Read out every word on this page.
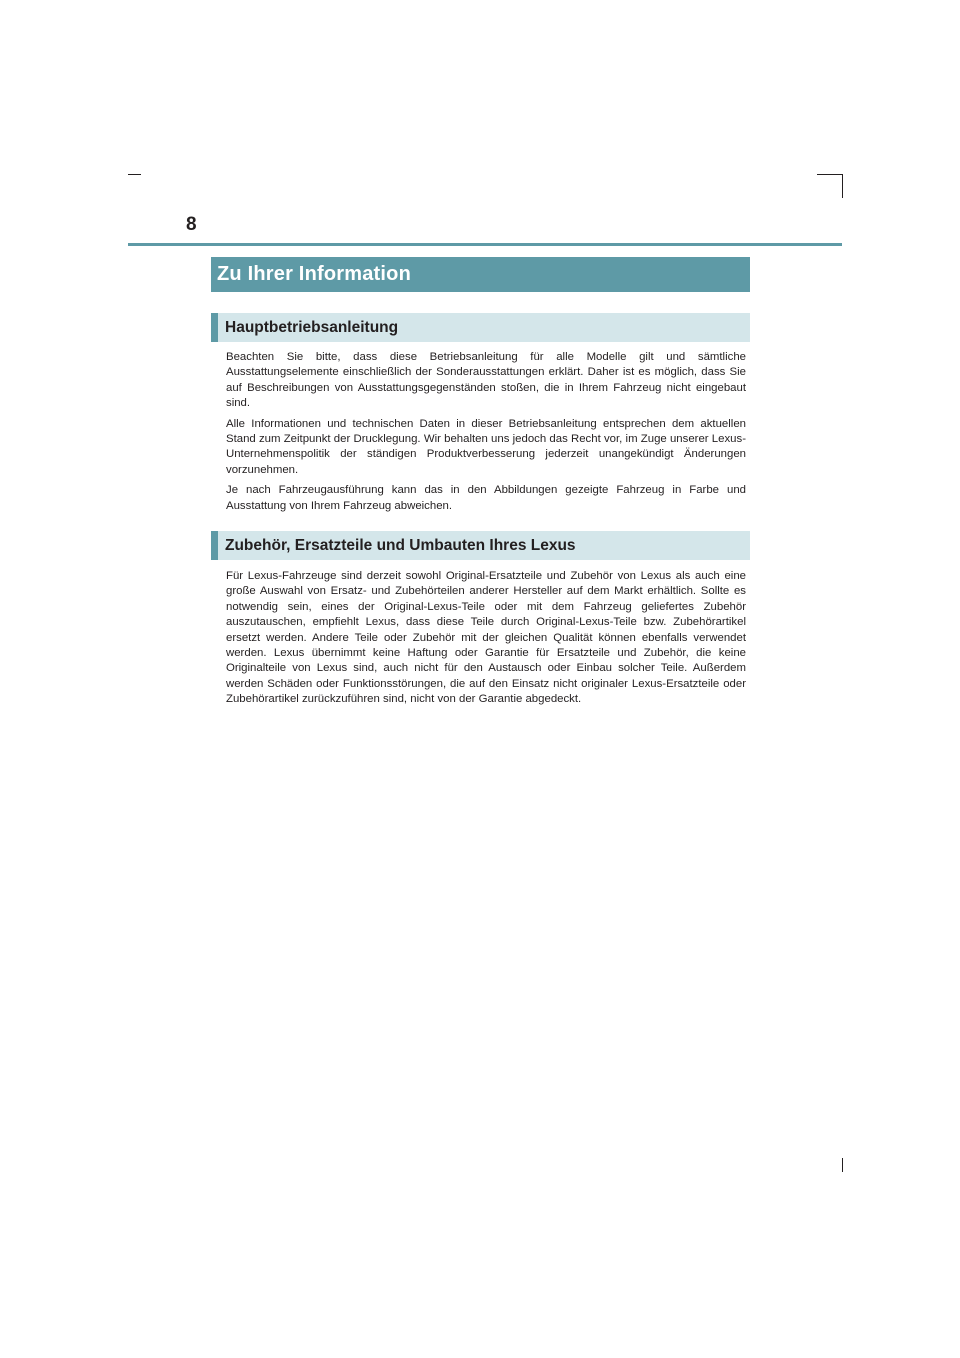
8
Zu Ihrer Information
Hauptbetriebsanleitung

Beachten Sie bitte, dass diese Betriebsanleitung für alle Modelle gilt und sämtliche Ausstattungselemente einschließlich der Sonderausstattungen erklärt. Daher ist es möglich, dass Sie auf Beschreibungen von Ausstattungsgegenständen stoßen, die in Ihrem Fahrzeug nicht eingebaut sind.

Alle Informationen und technischen Daten in dieser Betriebsanleitung entsprechen dem aktuellen Stand zum Zeitpunkt der Drucklegung. Wir behalten uns jedoch das Recht vor, im Zuge unserer Lexus-Unternehmenspolitik der ständigen Produktverbesserung jederzeit unangekündigt Änderungen vorzunehmen.

Je nach Fahrzeugausführung kann das in den Abbildungen gezeigte Fahrzeug in Farbe und Ausstattung von Ihrem Fahrzeug abweichen.

Zubehör, Ersatzteile und Umbauten Ihres Lexus

Für Lexus-Fahrzeuge sind derzeit sowohl Original-Ersatzteile und Zubehör von Lexus als auch eine große Auswahl von Ersatz- und Zubehörteilen anderer Hersteller auf dem Markt erhältlich. Sollte es notwendig sein, eines der Original-Lexus-Teile oder mit dem Fahrzeug geliefertes Zubehör auszutauschen, empfiehlt Lexus, dass diese Teile durch Original-Lexus-Teile bzw. Zubehörartikel ersetzt werden. Andere Teile oder Zubehör mit der gleichen Qualität können ebenfalls verwendet werden. Lexus übernimmt keine Haftung oder Garantie für Ersatzteile und Zubehör, die keine Originalteile von Lexus sind, auch nicht für den Austausch oder Einbau solcher Teile. Außerdem werden Schäden oder Funktionsstörungen, die auf den Einsatz nicht originaler Lexus-Ersatzteile oder Zubehörartikel zurückzuführen sind, nicht von der Garantie abgedeckt.
